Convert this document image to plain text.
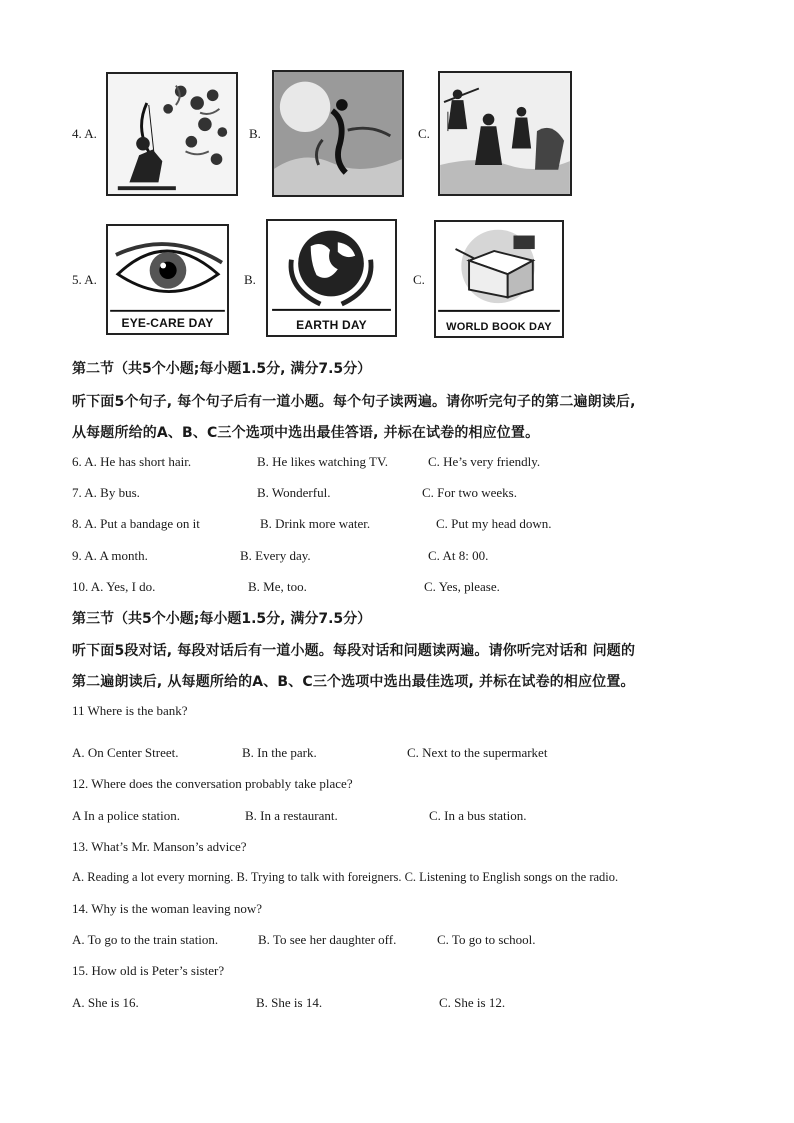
4. A.	B.	C.
5. A.
EYE-CARE DAY
B.
EARTH DAY
C.
WORLD BOOK DAY
第二节（共5个小题;每小题1.5分, 满分7.5分）
听下面5个句子, 每个句子后有一道小题。每个句子读两遍。请你听完句子的第二遍朗读后,
从每题所给的A、B、C三个选项中选出最佳答语, 并标在试卷的相应位置。
6. A. He has short hair.	B. He likes watching TV.	C. He’s very friendly.
7. A. By bus.	B. Wonderful.	C. For two weeks.
8. A. Put a bandage on it	B. Drink more water.	C. Put my head down.
9. A. A month.	B. Every day.	C. At 8: 00.
10. A. Yes, I do.	B. Me, too.	C. Yes, please.
第三节（共5个小题;每小题1.5分, 满分7.5分）
听下面5段对话, 每段对话后有一道小题。每段对话和问题读两遍。请你听完对话和 问题的
第二遍朗读后, 从每题所给的A、B、C三个选项中选出最佳选项, 并标在试卷的相应位置。
11 Where is the bank?
A. On Center Street.	B. In the park.	C. Next to the supermarket
12. Where does the conversation probably take place?
A In a police station.	B. In a restaurant.	C. In a bus station.
13. What’s Mr. Manson’s advice?
A. Reading a lot every morning. B. Trying to talk with foreigners. C. Listening to English songs on the radio.
14. Why is the woman leaving now?
A. To go to the train station.	B. To see her daughter off.	C. To go to school.
15. How old is Peter’s sister?
A. She is 16.	B. She is 14.	C. She is 12.
